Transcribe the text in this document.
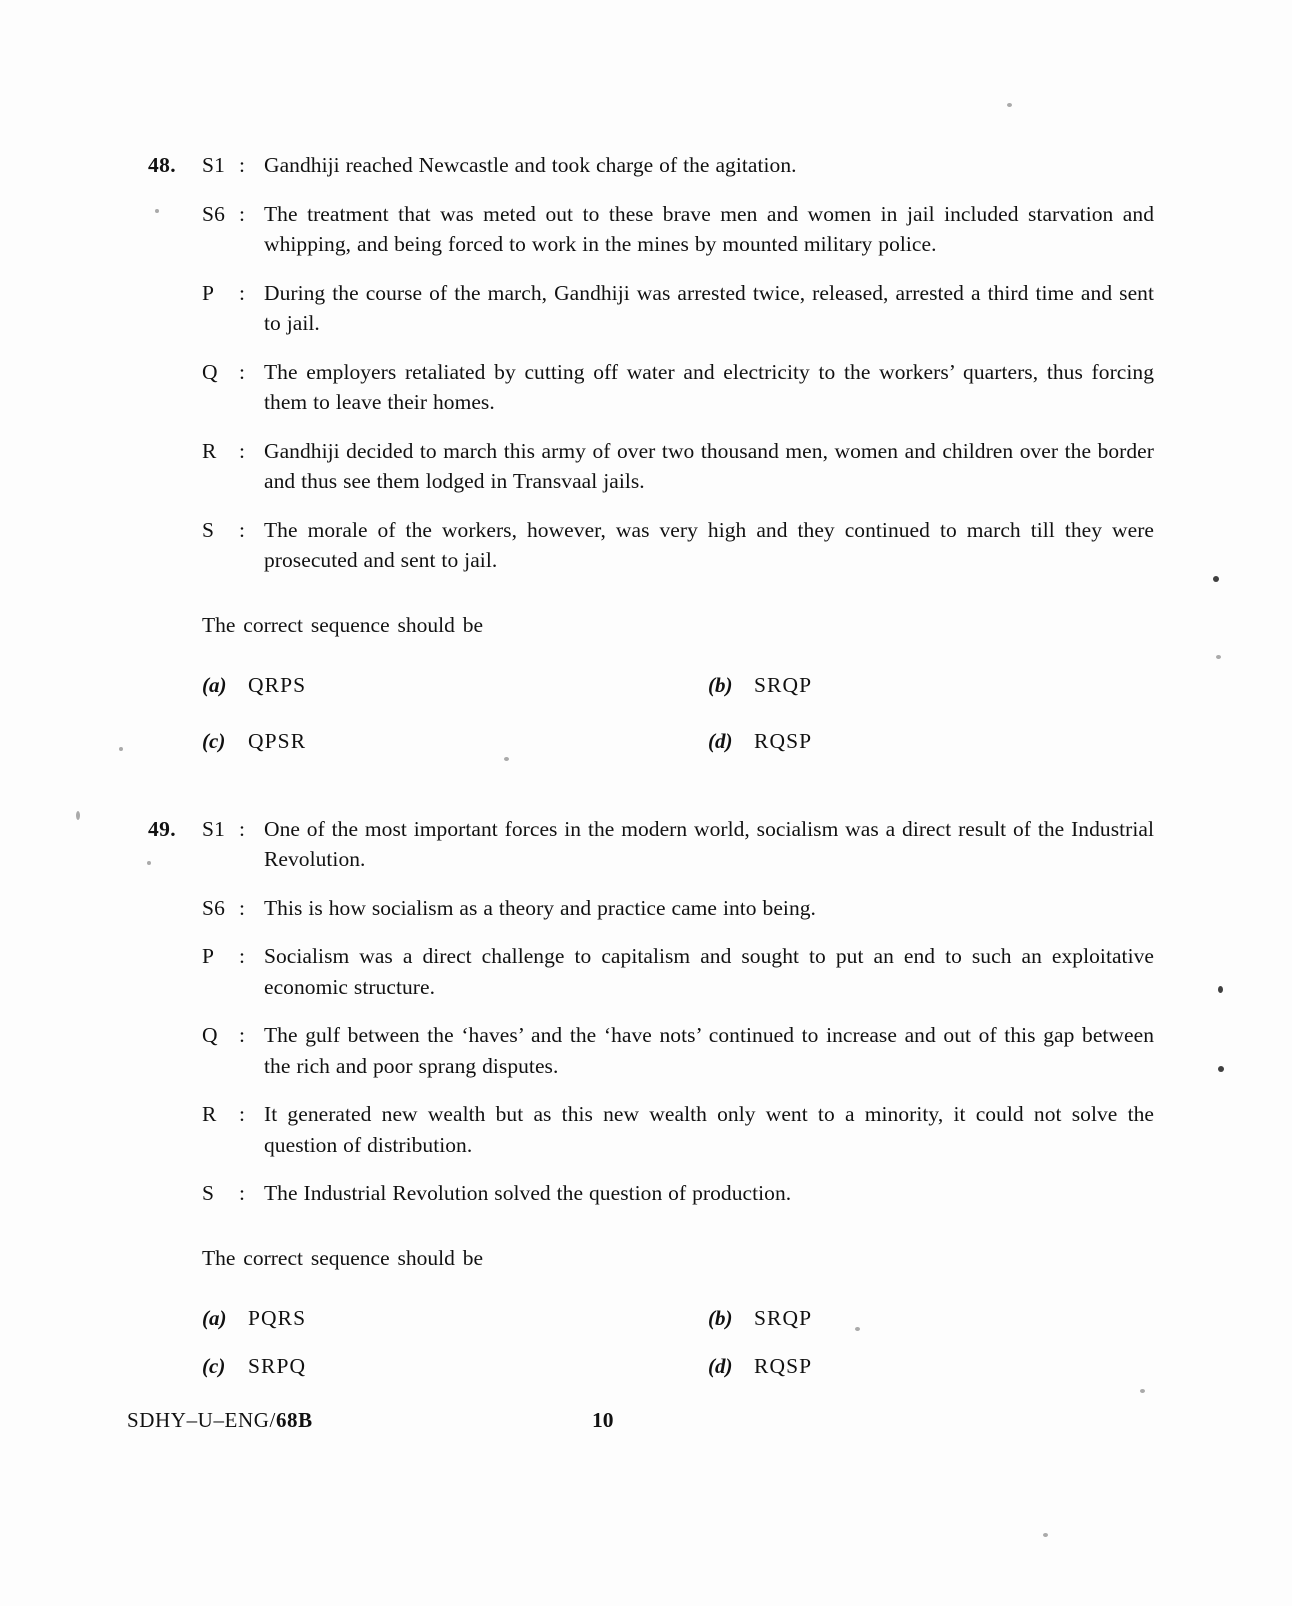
48.	S1 : Gandhiji reached Newcastle and took charge of the agitation.
S6 : The treatment that was meted out to these brave men and women in jail included starvation and whipping, and being forced to work in the mines by mounted military police.
P	: During the course of the march, Gandhiji was arrested twice, released, arrested a third time and sent to jail.
Q : The employers retaliated by cutting off water and electricity to the workers’ quarters, thus forcing them to leave their homes.
R	: Gandhiji decided to march this army of over two thousand men, women and children over the border and thus see them lodged in Transvaal jails.
S	: The morale of the workers, however, was very high and they continued to march till they were prosecuted and sent to jail.
The correct sequence should be
(a)	QRPS	(b)	SRQP
(c)	QPSR	(d)	RQSP
49.	S1 : One of the most important forces in the modern world, socialism was a direct result of the Industrial Revolution.
S6 : This is how socialism as a theory and practice came into being.
P	: Socialism was a direct challenge to capitalism and sought to put an end to such an exploitative economic structure.
Q : The gulf between the ‘haves’ and the ‘have nots’ continued to increase and out of this gap between the rich and poor sprang disputes.
R	: It generated new wealth but as this new wealth only went to a minority, it could not solve the question of distribution.
S	: The Industrial Revolution solved the question of production.
The correct sequence should be
(a)	PQRS	(b)	SRQP
(c)	SRPQ	(d)	RQSP
SDHY–U–ENG/68B	10
